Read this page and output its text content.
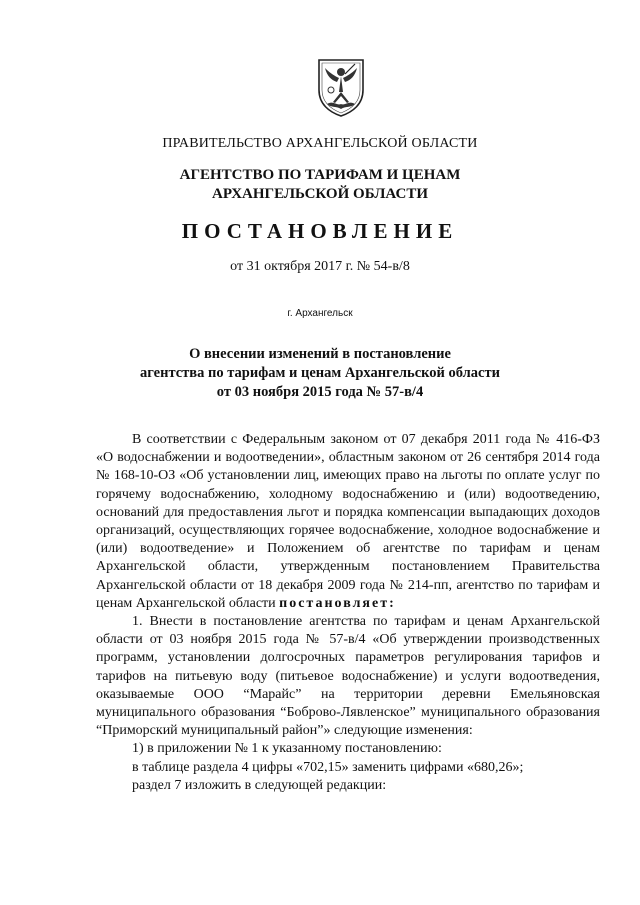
ПРАВИТЕЛЬСТВО АРХАНГЕЛЬСКОЙ ОБЛАСТИ
АГЕНТСТВО ПО ТАРИФАМ И ЦЕНАМ
АРХАНГЕЛЬСКОЙ ОБЛАСТИ
ПОСТАНОВЛЕНИЕ
от 31 октября 2017 г. № 54-в/8
г. Архангельск
О внесении изменений в постановление
агентства по тарифам и ценам Архангельской области
от 03 ноября 2015 года № 57-в/4

В соответствии с Федеральным законом от 07 декабря 2011 года № 416-ФЗ «О водоснабжении и водоотведении», областным законом от 26 сентября 2014 года № 168-10-ОЗ «Об установлении лиц, имеющих право на льготы по оплате услуг по горячему водоснабжению, холодному водоснабжению и (или) водоотведению, оснований для предоставления льгот и порядка компенсации выпадающих доходов организаций, осуществляющих горячее водоснабжение, холодное водоснабжение и (или) водоотведение» и Положением об агентстве по тарифам и ценам Архангельской области, утвержденным постановлением Правительства Архангельской области от 18 декабря 2009 года № 214-пп, агентство по тарифам и ценам Архангельской области постановляет:

1. Внести в постановление агентства по тарифам и ценам Архангельской области от 03 ноября 2015 года № 57-в/4 «Об утверждении производственных программ, установлении долгосрочных параметров регулирования тарифов и тарифов на питьевую воду (питьевое водоснабжение) и услуги водоотведения, оказываемые ООО “Марайс” на территории деревни Емельяновская муниципального образования “Боброво-Лявленское” муниципального образования “Приморский муниципальный район”» следующие изменения:

1) в приложении № 1 к указанному постановлению:

в таблице раздела 4 цифры «702,15» заменить цифрами «680,26»;

раздел 7 изложить в следующей редакции:
